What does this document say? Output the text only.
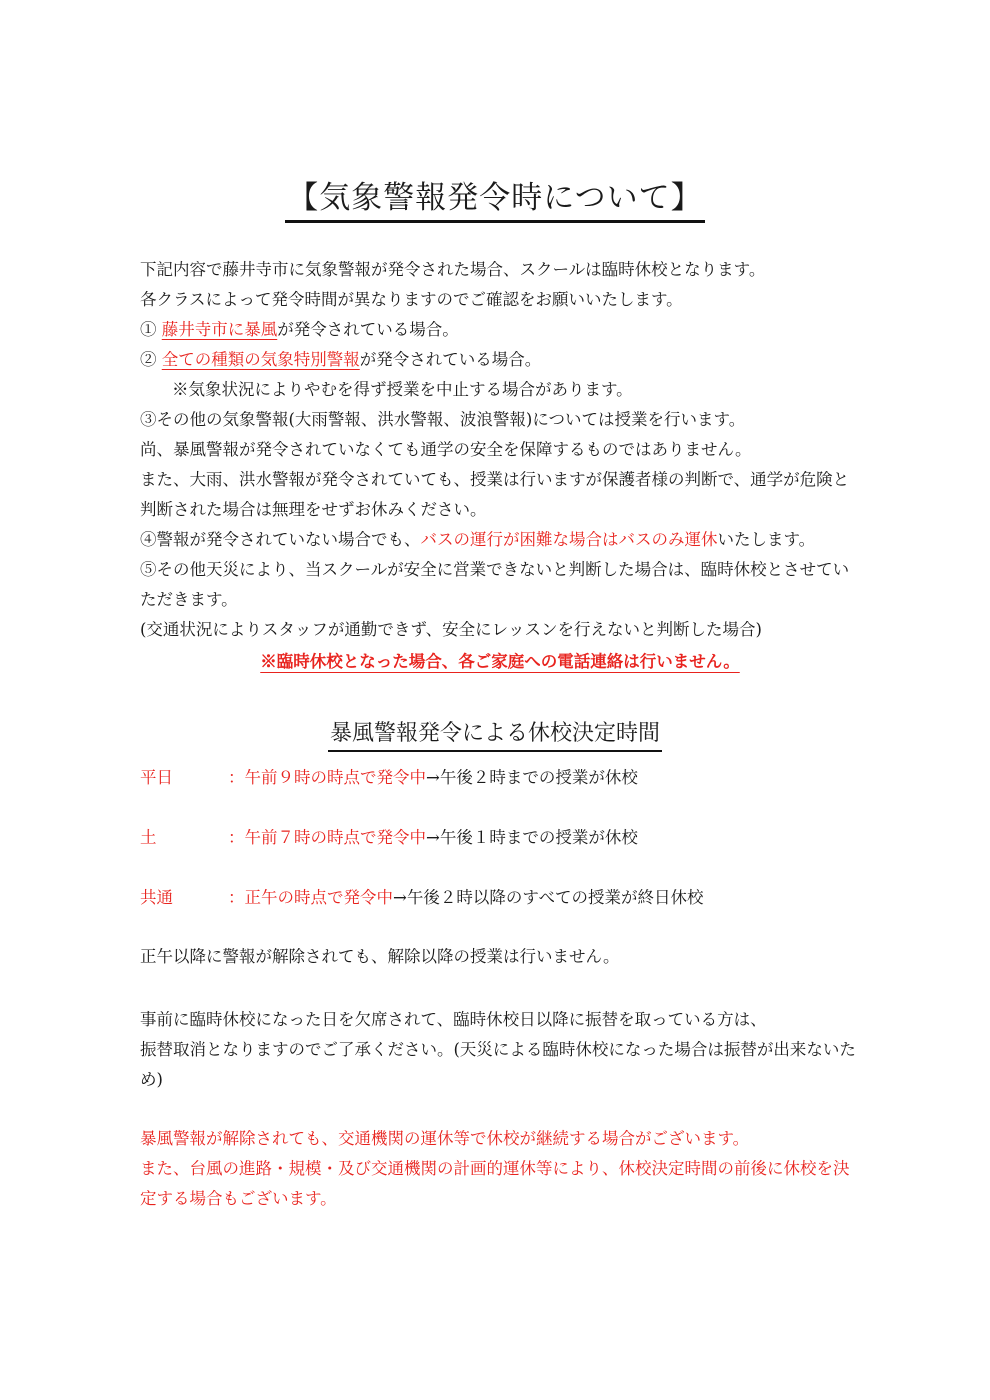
【気象警報発令時について】
下記内容で藤井寺市に気象警報が発令された場合、スクールは臨時休校となります。
各クラスによって発令時間が異なりますのでご確認をお願いいたします。
① 藤井寺市に暴風が発令されている場合。
② 全ての種類の気象特別警報が発令されている場合。
※気象状況によりやむを得ず授業を中止する場合があります。
③その他の気象警報(大雨警報、洪水警報、波浪警報)については授業を行います。
尚、暴風警報が発令されていなくても通学の安全を保障するものではありません。
また、大雨、洪水警報が発令されていても、授業は行いますが保護者様の判断で、通学が危険と判断された場合は無理をせずお休みください。
④警報が発令されていない場合でも、バスの運行が困難な場合はバスのみ運休いたします。
⑤その他天災により、当スクールが安全に営業できないと判断した場合は、臨時休校とさせていただきます。
(交通状況によりスタッフが通勤できず、安全にレッスンを行えないと判断した場合)
※臨時休校となった場合、各ご家庭への電話連絡は行いません。
暴風警報発令による休校決定時間
平日	：午前９時の時点で発令中→午後２時までの授業が休校
土	：午前７時の時点で発令中→午後１時までの授業が休校
共通	：正午の時点で発令中→午後２時以降のすべての授業が終日休校
正午以降に警報が解除されても、解除以降の授業は行いません。
事前に臨時休校になった日を欠席されて、臨時休校日以降に振替を取っている方は、
振替取消となりますのでご了承ください。(天災による臨時休校になった場合は振替が出来ないため)
暴風警報が解除されても、交通機関の運休等で休校が継続する場合がございます。
また、台風の進路・規模・及び交通機関の計画的運休等により、休校決定時間の前後に休校を決定する場合もございます。
